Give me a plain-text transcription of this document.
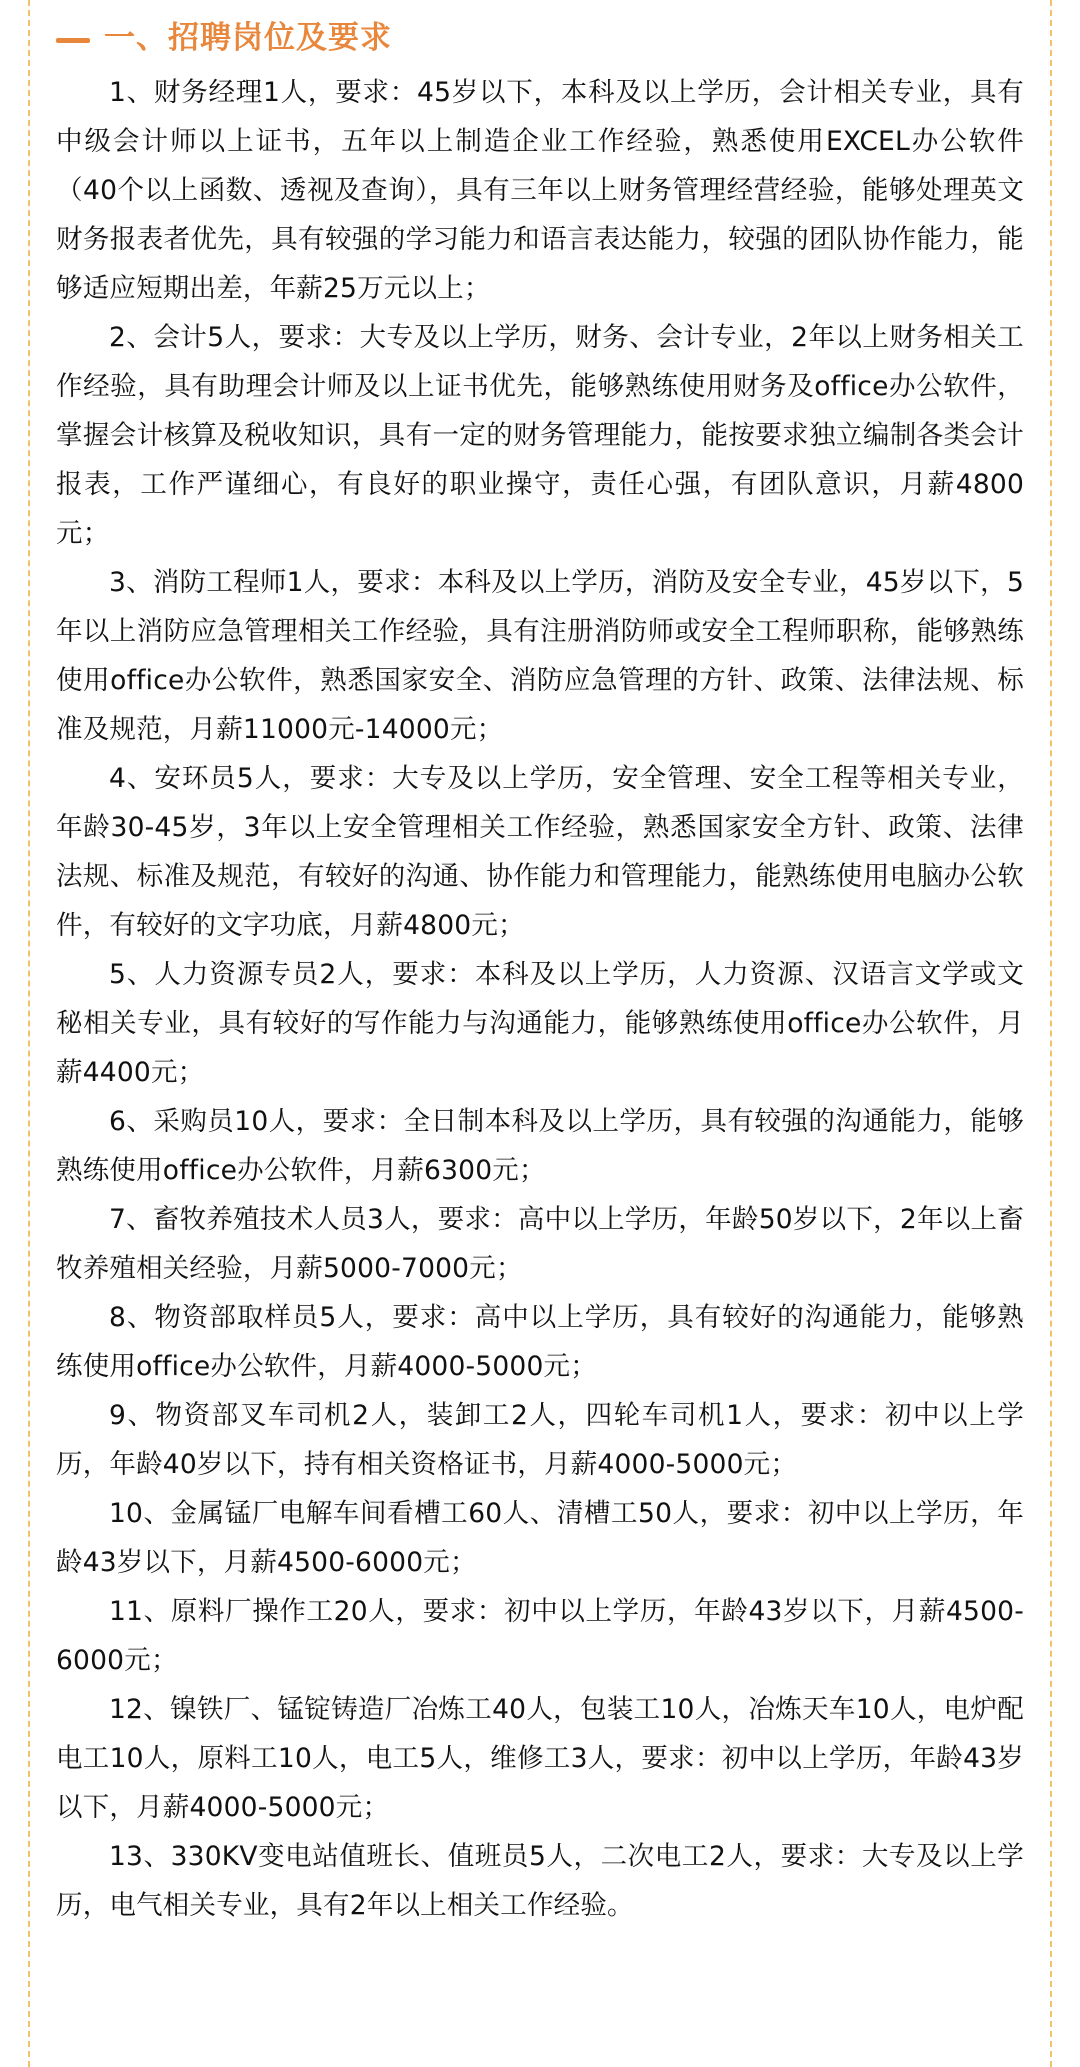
一、招聘岗位及要求

1、财务经理1人，要求：45岁以下，本科及以上学历，会计相关专业，具有中级会计师以上证书，五年以上制造企业工作经验，熟悉使用EXCEL办公软件（40个以上函数、透视及查询），具有三年以上财务管理经营经验，能够处理英文财务报表者优先，具有较强的学习能力和语言表达能力，较强的团队协作能力，能够适应短期出差，年薪25万元以上；

2、会计5人，要求：大专及以上学历，财务、会计专业，2年以上财务相关工作经验，具有助理会计师及以上证书优先，能够熟练使用财务及office办公软件，掌握会计核算及税收知识，具有一定的财务管理能力，能按要求独立编制各类会计报表，工作严谨细心，有良好的职业操守，责任心强，有团队意识，月薪4800元；

3、消防工程师1人，要求：本科及以上学历，消防及安全专业，45岁以下，5年以上消防应急管理相关工作经验，具有注册消防师或安全工程师职称，能够熟练使用office办公软件，熟悉国家安全、消防应急管理的方针、政策、法律法规、标准及规范，月薪11000元-14000元；

4、安环员5人，要求：大专及以上学历，安全管理、安全工程等相关专业，年龄30-45岁，3年以上安全管理相关工作经验，熟悉国家安全方针、政策、法律法规、标准及规范，有较好的沟通、协作能力和管理能力，能熟练使用电脑办公软件，有较好的文字功底，月薪4800元；

5、人力资源专员2人，要求：本科及以上学历，人力资源、汉语言文学或文秘相关专业，具有较好的写作能力与沟通能力，能够熟练使用office办公软件，月薪4400元；

6、采购员10人，要求：全日制本科及以上学历，具有较强的沟通能力，能够熟练使用office办公软件，月薪6300元；

7、畜牧养殖技术人员3人，要求：高中以上学历，年龄50岁以下，2年以上畜牧养殖相关经验，月薪5000-7000元；

8、物资部取样员5人，要求：高中以上学历，具有较好的沟通能力，能够熟练使用office办公软件，月薪4000-5000元；

9、物资部叉车司机2人，装卸工2人，四轮车司机1人，要求：初中以上学历，年龄40岁以下，持有相关资格证书，月薪4000-5000元；

10、金属锰厂电解车间看槽工60人、清槽工50人，要求：初中以上学历，年龄43岁以下，月薪4500-6000元；

11、原料厂操作工20人，要求：初中以上学历，年龄43岁以下，月薪4500-6000元；

12、镍铁厂、锰锭铸造厂冶炼工40人，包装工10人，冶炼天车10人，电炉配电工10人，原料工10人，电工5人，维修工3人，要求：初中以上学历，年龄43岁以下，月薪4000-5000元；

13、330KV变电站值班长、值班员5人，二次电工2人，要求：大专及以上学历，电气相关专业，具有2年以上相关工作经验。
